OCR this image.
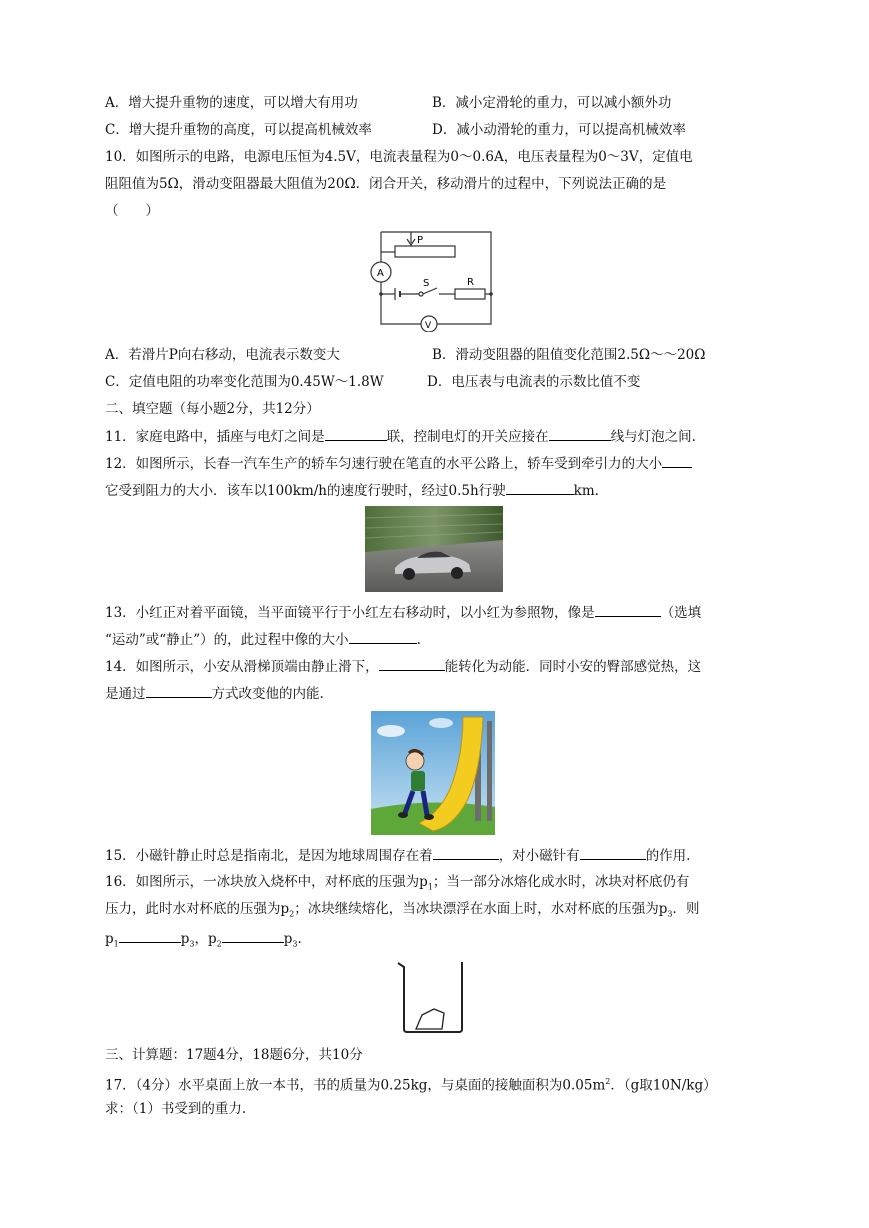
A．增大提升重物的速度，可以增大有用功	B．减小定滑轮的重力，可以减小额外功
C．增大提升重物的高度，可以提高机械效率	D．减小动滑轮的重力，可以提高机械效率
10．如图所示的电路，电源电压恒为4.5V，电流表量程为0～0.6A，电压表量程为0～3V，定值电
阻阻值为5Ω，滑动变阻器最大阻值为20Ω．闭合开关，移动滑片的过程中，下列说法正确的是
（　　）
P
A
S	R
V
A．若滑片P向右移动，电流表示数变大	B．滑动变阻器的阻值变化范围2.5Ω～～20Ω
C．定值电阻的功率变化范围为0.45W～1.8W	D．电压表与电流表的示数比值不变
二、填空题（每小题2分，共12分）
11．家庭电路中，插座与电灯之间是	联，控制电灯的开关应接在	线与灯泡之间.
12．如图所示，长春一汽车生产的轿车匀速行驶在笔直的水平公路上，轿车受到牵引力的大小
它受到阻力的大小．该车以100km/h的速度行驶时，经过0.5h行驶	km.
13．小红正对着平面镜，当平面镜平行于小红左右移动时，以小红为参照物，像是	（选填
“运动”或“静止”）的，此过程中像的大小	.
14．如图所示，小安从滑梯顶端由静止滑下，	能转化为动能．同时小安的臀部感觉热，这
是通过	方式改变他的内能.
15．小磁针静止时总是指南北，是因为地球周围存在着	，对小磁针有	的作用.
16．如图所示，一冰块放入烧杯中，对杯底的压强为$p_1$；当一部分冰熔化成水时，冰块对杯底仍有
压力，此时水对杯底的压强为$p_2$；冰块继续熔化，当冰块漂浮在水面上时，水对杯底的压强为$p_3$．则
$p_1$	$p_3$，$p_2$	$p_3$.
三、计算题：17题4分，18题6分，共10分
17．（4分）水平桌面上放一本书，书的质量为0.25kg，与桌面的接触面积为$0.05m^2$．（g取10N/kg）
求：（1）书受到的重力.
